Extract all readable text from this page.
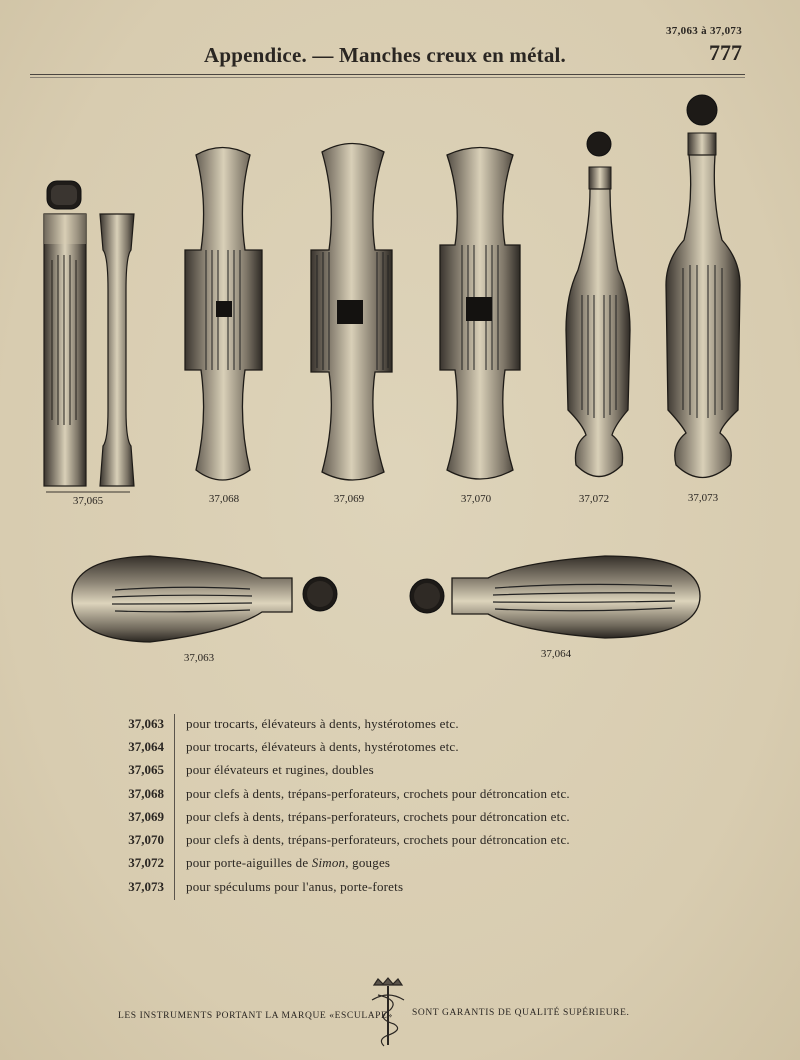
37,063 à 37,073
777
Appendice. — Manches creux en métal.
37,065	37,068	37,069	37,070	37,072	37,073
37,063	37,064
37,063	pour trocarts, élévateurs à dents, hystérotomes etc.
37,064	pour trocarts, élévateurs à dents, hystérotomes etc.
37,065	pour élévateurs et rugines, doubles
37,068	pour clefs à dents, trépans-perforateurs, crochets pour détroncation etc.
37,069	pour clefs à dents, trépans-perforateurs, crochets pour détroncation etc.
37,070	pour clefs à dents, trépans-perforateurs, crochets pour détroncation etc.
37,072	pour porte-aiguilles de Simon, gouges
37,073	pour spéculums pour l'anus, porte-forets
LES INSTRUMENTS PORTANT LA MARQUE «ESCULAPE» SONT GARANTIS DE QUALITÉ SUPÉRIEURE.
